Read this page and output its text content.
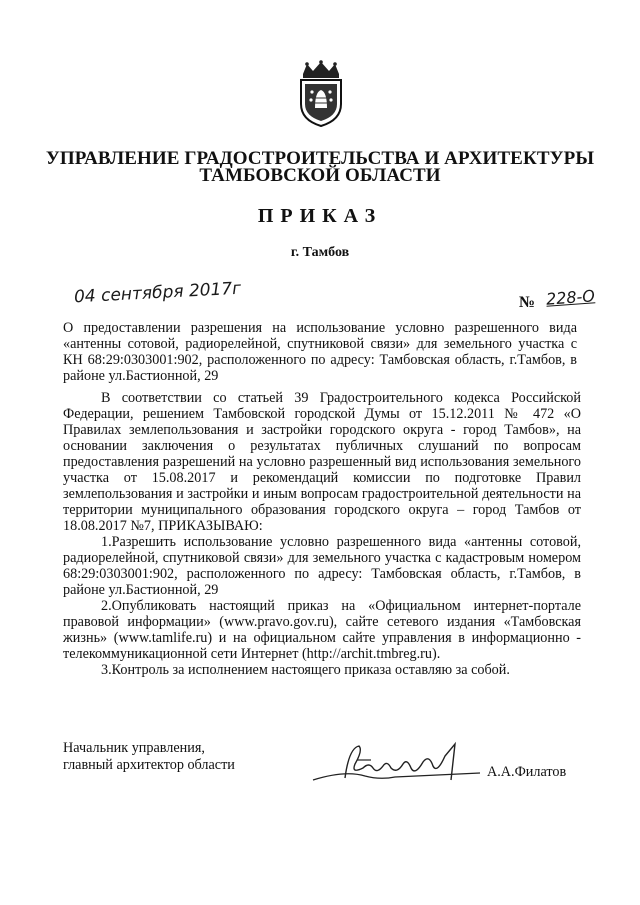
УПРАВЛЕНИЕ ГРАДОСТРОИТЕЛЬСТВА И АРХИТЕКТУРЫ
ТАМБОВСКОЙ ОБЛАСТИ
ПРИКАЗ
г. Тамбов
04 сентября 2017г	№ 228-О

О предоставлении разрешения на использование условно разрешенного вида «антенны сотовой, радиорелейной, спутниковой связи» для земельного участка с КН 68:29:0303001:902, расположенного по адресу: Тамбовская область, г.Тамбов, в районе ул.Бастионной, 29

В соответствии со статьей 39 Градостроительного кодекса Российской Федерации, решением Тамбовской городской Думы от 15.12.2011 № 472 «О Правилах землепользования и застройки городского округа - город Тамбов», на основании заключения о результатах публичных слушаний по вопросам предоставления разрешений на условно разрешенный вид использования земельного участка от 15.08.2017 и рекомендаций комиссии по подготовке Правил землепользования и застройки и иным вопросам градостроительной деятельности на территории муниципального образования городского округа – город Тамбов от 18.08.2017 №7, ПРИКАЗЫВАЮ:

1.Разрешить использование условно разрешенного вида «антенны сотовой, радиорелейной, спутниковой связи» для земельного участка с кадастровым номером 68:29:0303001:902, расположенного по адресу: Тамбовская область, г.Тамбов, в районе ул.Бастионной, 29

2.Опубликовать настоящий приказ на «Официальном интернет-портале правовой информации» (www.pravo.gov.ru), сайте сетевого издания «Тамбовская жизнь» (www.tamlife.ru) и на официальном сайте управления в информационно - телекоммуникационной сети Интернет (http://archit.tmbreg.ru).

3.Контроль за исполнением настоящего приказа оставляю за собой.

Начальник управления,
главный архитектор области	А.А.Филатов
